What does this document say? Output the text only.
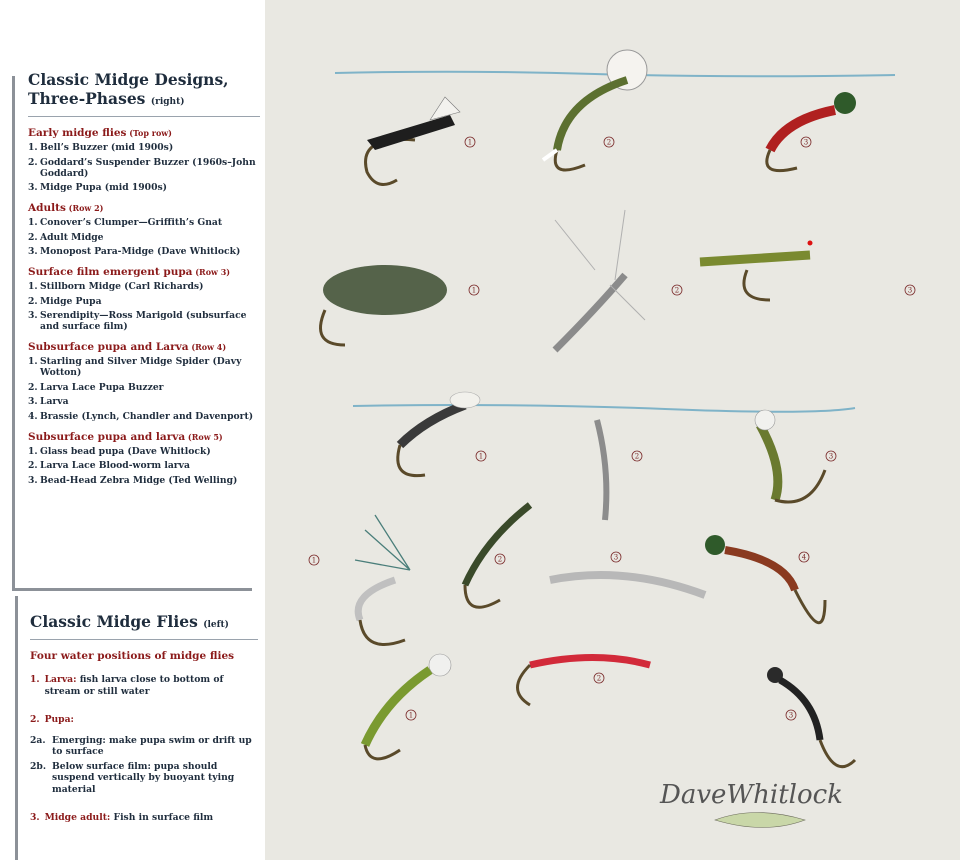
Classic Midge Designs,
Three-Phases (right)
Early midge flies (Top row)
1. Bell’s Buzzer (mid 1900s)
2. Goddard’s Suspender Buzzer (1960s–John Goddard)
3. Midge Pupa (mid 1900s)
Adults (Row 2)
1. Conover’s Clumper—Griffith’s Gnat
2. Adult Midge
3. Monopost Para-Midge (Dave Whitlock)
Surface film emergent pupa (Row 3)
1. Stillborn Midge (Carl Richards)
2. Midge Pupa
3. Serendipity—Ross Marigold (subsurface and surface film)
Subsurface pupa and Larva (Row 4)
1. Starling and Silver Midge Spider (Davy Wotton)
2. Larva Lace Pupa Buzzer
3. Larva
4. Brassie (Lynch, Chandler and Davenport)
Subsurface pupa and larva (Row 5)
1. Glass bead pupa (Dave Whitlock)
2. Larva Lace Blood-worm larva
3. Bead-Head Zebra Midge (Ted Welling)
Classic Midge Flies (left)
Four water positions of midge flies
1. Larva: fish larva close to bottom of stream or still water
2. Pupa:
2a. Emerging: make pupa swim or drift up to surface
2b. Below surface film: pupa should suspend vertically by buoyant tying material
3. Midge adult: Fish in surface film
1	2	3
1	2	3
1	2	3
1	2	3	4
1
2
3
DaveWhitlock
